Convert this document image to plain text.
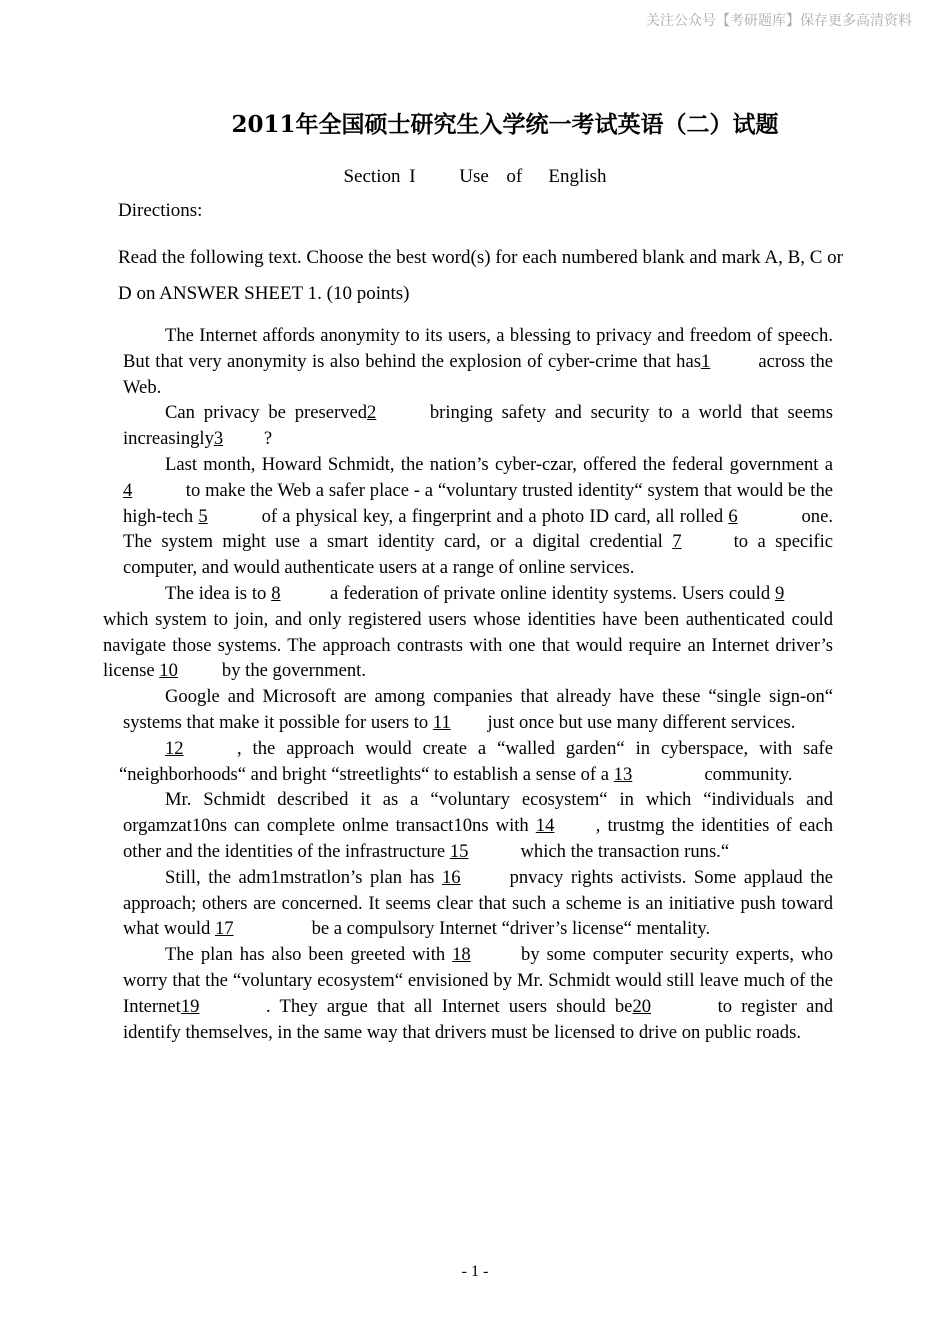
关注公众号【考研题库】保存更多高清资料
2011年全国硕士研究生入学统一考试英语（二）试题
Section I     Use  of   English
Directions:
Read the following text. Choose the best word(s) for each numbered blank and mark A, B, C or D on ANSWER SHEET 1. (10 points)

The Internet affords anonymity to its users, a blessing to privacy and freedom of speech. But that very anonymity is also behind the explosion of cyber-crime that has1 across the Web.

Can privacy be preserved2 bringing safety and security to a world that seems increasingly3 ?

Last month, Howard Schmidt, the nation’s cyber-czar, offered the federal government a 4	to make the Web a safer place - a “voluntary trusted identity“ system that would be the high-tech 5	of a physical key, a fingerprint and a photo ID card, all rolled 6	one. The system might use a smart identity card, or a digital credential 7 to a specific computer, and would authenticate users at a range of online services.

The idea is to 8 a federation of private online identity systems. Users could 9which system to join, and only registered users whose identities have been authenticated could navigate those systems. The approach contrasts with one that would require an Internet driver’s license 10 by the government.

Google and Microsoft are among companies that already have these “single sign-on“ systems that make it possible for users to 11 just once but use many different services.

12	, the approach would create a “walled garden“ in cyberspace, with safe “neighborhoods“ and bright “streetlights“ to establish a sense of a 13	community.

Mr. Schmidt described it as a “voluntary ecosystem“ in which “individuals and orgamzat10ns can complete onlme transact10ns with 14 , trustmg the identities of each other and the identities of the infrastructure 15	which the transaction runs.“

Still, the adm1mstratlon’s plan has 16 pnvacy rights activists. Some applaud the approach; others are concerned. It seems clear that such a scheme is an initiative push toward what would 17	be a compulsory Internet “driver’s license“ mentality.

The plan has also been greeted with 18 by some computer security experts, who worry that the “voluntary ecosystem“ envisioned by Mr. Schmidt would still leave much of the Internet19	. They argue that all Internet users should be20	to register and identify themselves, in the same way that drivers must be licensed to drive on public roads.

- 1 -
